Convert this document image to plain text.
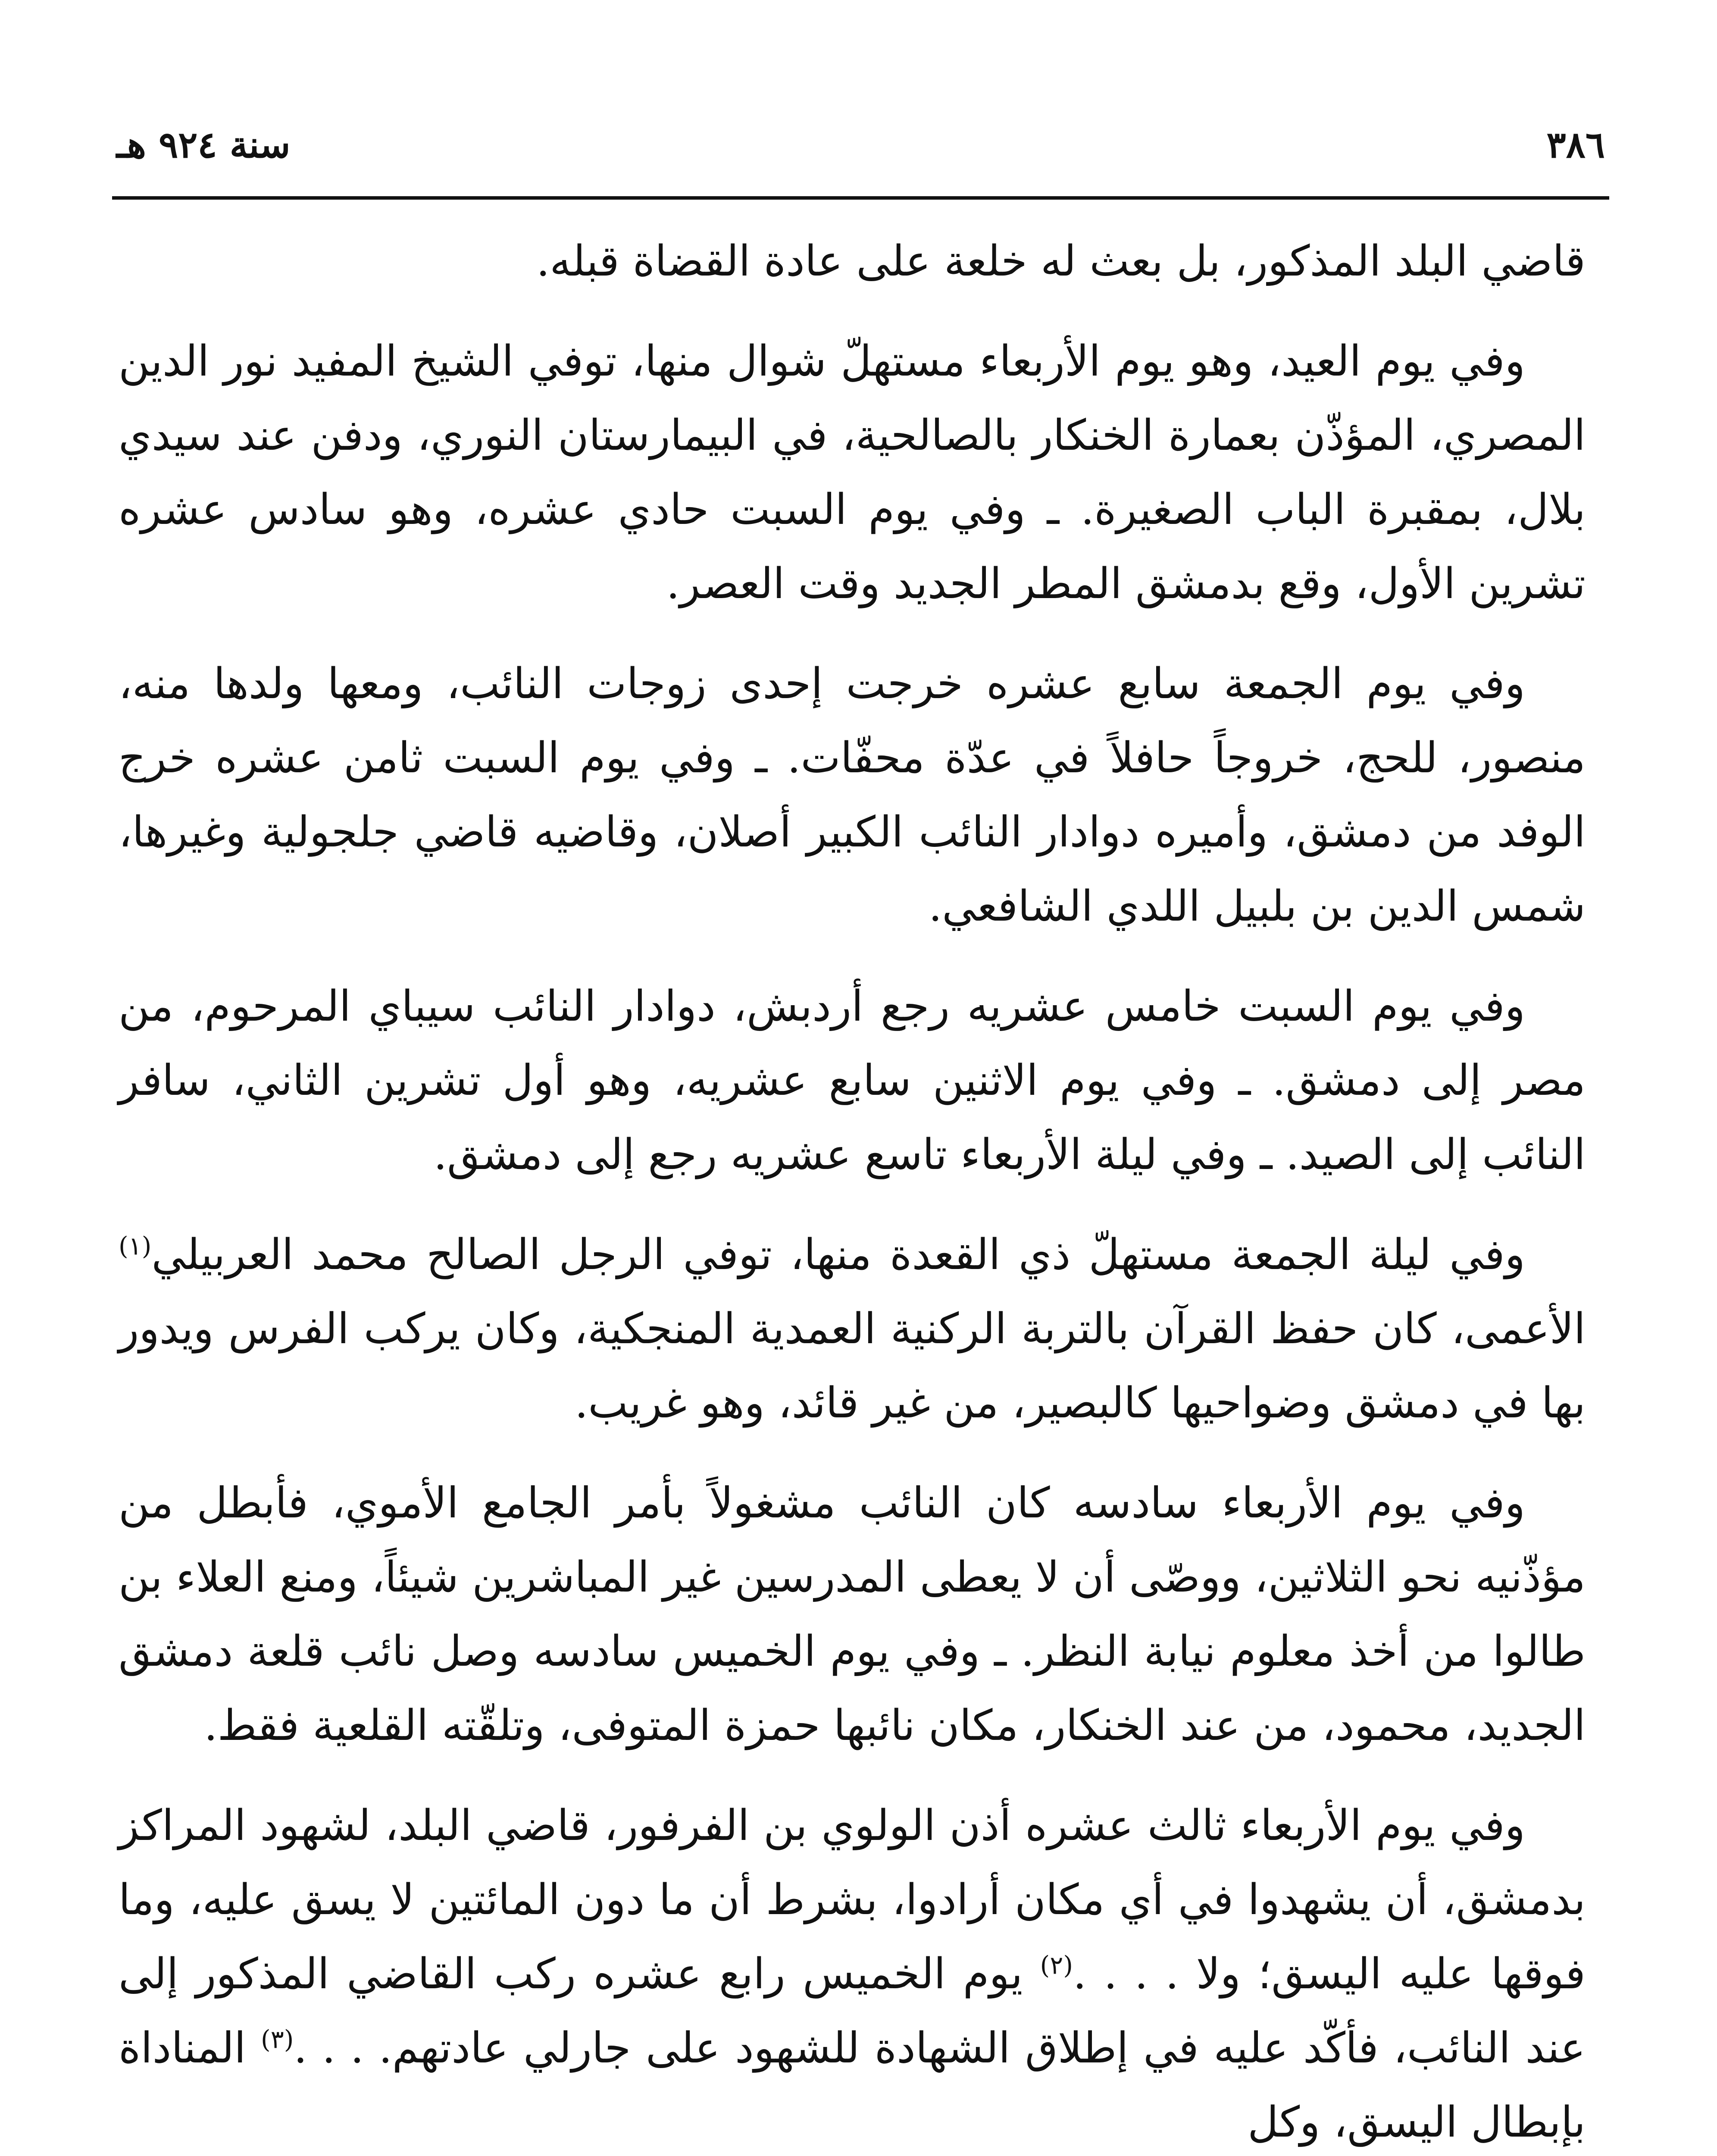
٣٨٦
سنة ٩٢٤ هـ

قاضي البلد المذكور، بل بعث له خلعة على عادة القضاة قبله.

وفي يوم العيد، وهو يوم الأربعاء مستهلّ شوال منها، توفي الشيخ المفيد نور الدين المصري، المؤذّن بعمارة الخنكار بالصالحية، في البيمارستان النوري، ودفن عند سيدي بلال، بمقبرة الباب الصغيرة. ـ وفي يوم السبت حادي عشره، وهو سادس عشره تشرين الأول، وقع بدمشق المطر الجديد وقت العصر.

وفي يوم الجمعة سابع عشره خرجت إحدى زوجات النائب، ومعها ولدها منه، منصور، للحج، خروجاً حافلاً في عدّة محفّات. ـ وفي يوم السبت ثامن عشره خرج الوفد من دمشق، وأميره دوادار النائب الكبير أصلان، وقاضيه قاضي جلجولية وغيرها، شمس الدين بن بلبيل اللدي الشافعي.

وفي يوم السبت خامس عشريه رجع أردبش، دوادار النائب سيباي المرحوم، من مصر إلى دمشق. ـ وفي يوم الاثنين سابع عشريه، وهو أول تشرين الثاني، سافر النائب إلى الصيد. ـ وفي ليلة الأربعاء تاسع عشريه رجع إلى دمشق.

وفي ليلة الجمعة مستهلّ ذي القعدة منها، توفي الرجل الصالح محمد العربيلي$^{(١)}$ الأعمى، كان حفظ القرآن بالتربة الركنية العمدية المنجكية، وكان يركب الفرس ويدور بها في دمشق وضواحيها كالبصير، من غير قائد، وهو غريب.

وفي يوم الأربعاء سادسه كان النائب مشغولاً بأمر الجامع الأموي، فأبطل من مؤذّنيه نحو الثلاثين، ووصّى أن لا يعطى المدرسين غير المباشرين شيئاً، ومنع العلاء بن طالوا من أخذ معلوم نيابة النظر. ـ وفي يوم الخميس سادسه وصل نائب قلعة دمشق الجديد، محمود، من عند الخنكار، مكان نائبها حمزة المتوفى، وتلقّته القلعية فقط.

وفي يوم الأربعاء ثالث عشره أذن الولوي بن الفرفور، قاضي البلد، لشهود المراكز بدمشق، أن يشهدوا في أي مكان أرادوا، بشرط أن ما دون المائتين لا يسق عليه، وما فوقها عليه اليسق؛ ولا . . . .$^{(٢)}$ يوم الخميس رابع عشره ركب القاضي المذكور إلى عند النائب، فأكّد عليه في إطلاق الشهادة للشهود على جارلي عادتهم. . . .$^{(٣)}$ المناداة بإبطال اليسق، وكل
